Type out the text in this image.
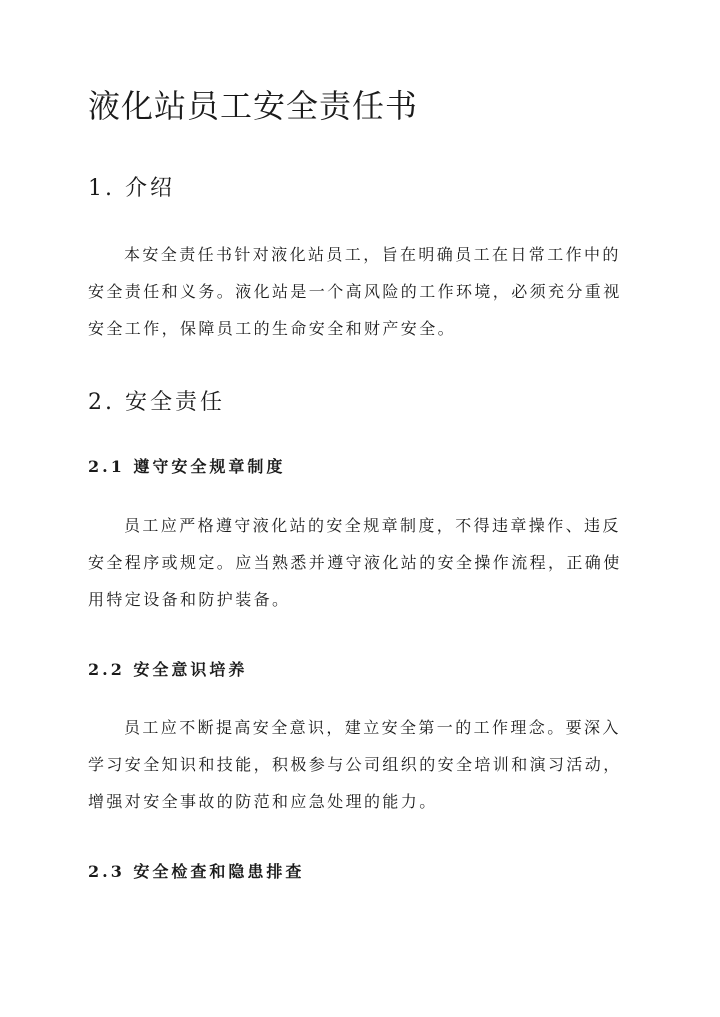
液化站员工安全责任书
1. 介绍
本安全责任书针对液化站员工，旨在明确员工在日常工作中的
安全责任和义务。液化站是一个高风险的工作环境，必须充分重视
安全工作，保障员工的生命安全和财产安全。
2. 安全责任
2.1 遵守安全规章制度
员工应严格遵守液化站的安全规章制度，不得违章操作、违反
安全程序或规定。应当熟悉并遵守液化站的安全操作流程，正确使
用特定设备和防护装备。
2.2 安全意识培养
员工应不断提高安全意识，建立安全第一的工作理念。要深入
学习安全知识和技能，积极参与公司组织的安全培训和演习活动，
增强对安全事故的防范和应急处理的能力。
2.3 安全检查和隐患排查
